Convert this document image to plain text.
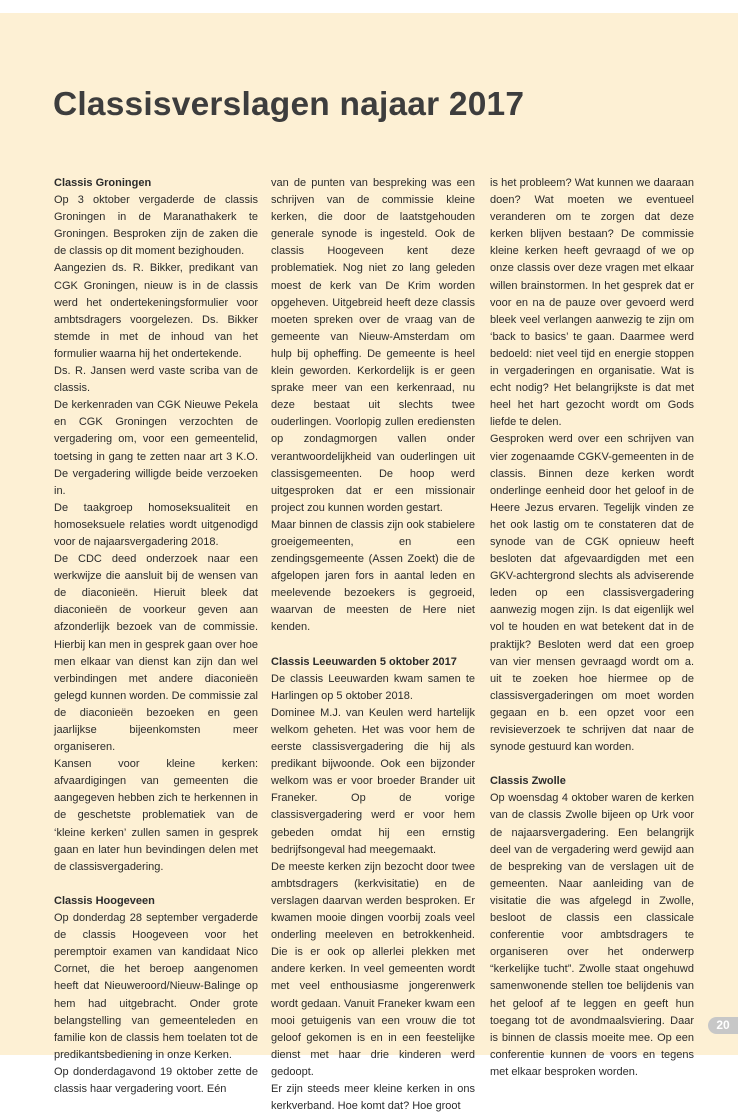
Classisverslagen najaar 2017
Classis Groningen

Op 3 oktober vergaderde de classis Groningen in de Maranathakerk te Groningen. Besproken zijn de zaken die de classis op dit moment bezighouden.

Aangezien ds. R. Bikker, predikant van CGK Groningen, nieuw is in de classis werd het ondertekeningsformulier voor ambtsdragers voorgelezen. Ds. Bikker stemde in met de inhoud van het formulier waarna hij het ondertekende.

Ds. R. Jansen werd vaste scriba van de classis.

De kerkenraden van CGK Nieuwe Pekela en CGK Groningen verzochten de vergadering om, voor een gemeentelid, toetsing in gang te zetten naar art 3 K.O. De vergadering willigde beide verzoeken in.

De taakgroep homoseksualiteit en homoseksuele relaties wordt uitgenodigd voor de najaarsvergadering 2018.

De CDC deed onderzoek naar een werkwijze die aansluit bij de wensen van de diaconieën. Hieruit bleek dat diaconieën de voorkeur geven aan afzonderlijk bezoek van de commissie. Hierbij kan men in gesprek gaan over hoe men elkaar van dienst kan zijn dan wel verbindingen met andere diaconieën gelegd kunnen worden. De commissie zal de diaconieën bezoeken en geen jaarlijkse bijeenkomsten meer organiseren.

Kansen voor kleine kerken: afvaardigingen van gemeenten die aangegeven hebben zich te herkennen in de geschetste problematiek van de ‘kleine kerken’ zullen samen in gesprek gaan en later hun bevindingen delen met de classisvergadering.

Classis Hoogeveen

Op donderdag 28 september vergaderde de classis Hoogeveen voor het peremptoir examen van kandidaat Nico Cornet, die het beroep aangenomen heeft dat Nieuweroord/Nieuw-Balinge op hem had uitgebracht. Onder grote belangstelling van gemeenteleden en familie kon de classis hem toelaten tot de predikantsbediening in onze Kerken.

Op donderdagavond 19 oktober zette de classis haar vergadering voort. Eén

van de punten van bespreking was een schrijven van de commissie kleine kerken, die door de laatstgehouden generale synode is ingesteld. Ook de classis Hoogeveen kent deze problematiek. Nog niet zo lang geleden moest de kerk van De Krim worden opgeheven. Uitgebreid heeft deze classis moeten spreken over de vraag van de gemeente van Nieuw-Amsterdam om hulp bij opheffing. De gemeente is heel klein geworden. Kerkordelijk is er geen sprake meer van een kerkenraad, nu deze bestaat uit slechts twee ouderlingen. Voorlopig zullen erediensten op zondagmorgen vallen onder verantwoordelijkheid van ouderlingen uit classisgemeenten. De hoop werd uitgesproken dat er een missionair project zou kunnen worden gestart.

Maar binnen de classis zijn ook stabielere groeigemeenten, en een zendingsgemeente (Assen Zoekt) die de afgelopen jaren fors in aantal leden en meelevende bezoekers is gegroeid, waarvan de meesten de Here niet kenden.

Classis Leeuwarden 5 oktober 2017

De classis Leeuwarden kwam samen te Harlingen op 5 oktober 2018.

Dominee M.J. van Keulen werd hartelijk welkom geheten. Het was voor hem de eerste classisvergadering die hij als predikant bijwoonde. Ook een bijzonder welkom was er voor broeder Brander uit Franeker. Op de vorige classisvergadering werd er voor hem gebeden omdat hij een ernstig bedrijfsongeval had meegemaakt.

De meeste kerken zijn bezocht door twee ambtsdragers (kerkvisitatie) en de verslagen daarvan werden besproken. Er kwamen mooie dingen voorbij zoals veel onderling meeleven en betrokkenheid. Die is er ook op allerlei plekken met andere kerken. In veel gemeenten wordt met veel enthousiasme jongerenwerk wordt gedaan. Vanuit Franeker kwam een mooi getuigenis van een vrouw die tot geloof gekomen is en in een feestelijke dienst met haar drie kinderen werd gedoopt.

Er zijn steeds meer kleine kerken in ons kerkverband. Hoe komt dat? Hoe groot

is het probleem? Wat kunnen we daaraan doen? Wat moeten we eventueel veranderen om te zorgen dat deze kerken blijven bestaan? De commissie kleine kerken heeft gevraagd of we op onze classis over deze vragen met elkaar willen brainstormen. In het gesprek dat er voor en na de pauze over gevoerd werd bleek veel verlangen aanwezig te zijn om ‘back to basics’ te gaan. Daarmee werd bedoeld: niet veel tijd en energie stoppen in vergaderingen en organisatie. Wat is echt nodig? Het belangrijkste is dat met heel het hart gezocht wordt om Gods liefde te delen.

Gesproken werd over een schrijven van vier zogenaamde CGKV-gemeenten in de classis. Binnen deze kerken wordt onderlinge eenheid door het geloof in de Heere Jezus ervaren. Tegelijk vinden ze het ook lastig om te constateren dat de synode van de CGK opnieuw heeft besloten dat afgevaardigden met een GKV-achtergrond slechts als adviserende leden op een classisvergadering aanwezig mogen zijn. Is dat eigenlijk wel vol te houden en wat betekent dat in de praktijk? Besloten werd dat een groep van vier mensen gevraagd wordt om a. uit te zoeken hoe hiermee op de classisvergaderingen om moet worden gegaan en b. een opzet voor een revisieverzoek te schrijven dat naar de synode gestuurd kan worden.

Classis Zwolle

Op woensdag 4 oktober waren de kerken van de classis Zwolle bijeen op Urk voor de najaarsvergadering. Een belangrijk deel van de vergadering werd gewijd aan de bespreking van de verslagen uit de gemeenten. Naar aanleiding van de visitatie die was afgelegd in Zwolle, besloot de classis een classicale conferentie voor ambtsdragers te organiseren over het onderwerp “kerkelijke tucht”. Zwolle staat ongehuwd samenwonende stellen toe belijdenis van het geloof af te leggen en geeft hun toegang tot de avondmaalsviering. Daar is binnen de classis moeite mee. Op een conferentie kunnen de voors en tegens met elkaar besproken worden.

20
